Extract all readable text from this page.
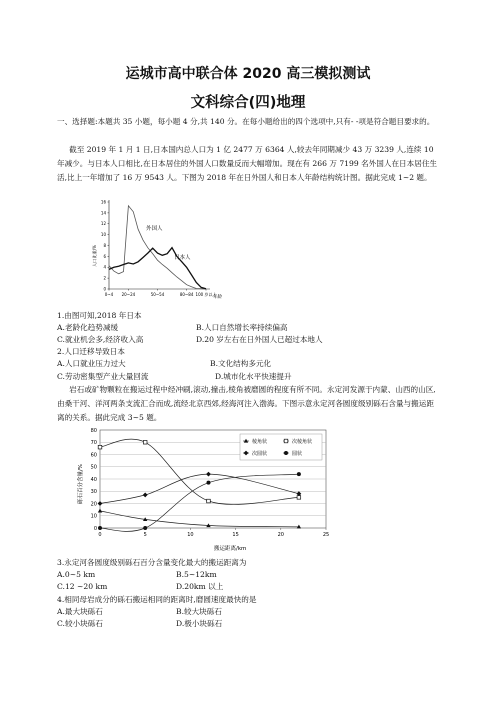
运城市高中联合体 2020 高三模拟测试
文科综合(四)地理

一、选择题:本题共 35 小题，每小题 4 分,共 140 分。在每小题给出的四个选项中,只有- -项是符合题目要求的。

截至 2019 年 1 月 1 日,日本国内总人口为 1 亿 2477 万 6364 人,较去年同期减少 43 万 3239 人,连续 10 年减少。与日本人口相比,在日本居住的外国人口数量反而大幅增加。现在有 266 万 7199 名外国人在日本居住生活,比上一年增加了 16 万 9543 人。下图为 2018 年在日外国人和日本人年龄结构统计图。据此完成 1~2 题。

0
2
4
6
8
10
12
14
16
0~4 20~24	50~54	80~84 100 岁以上
人口比重/%
年龄
外国人
日本人
1.由图可知,2018 年日本
A.老龄化趋势减缓	B.人口自然增长率持续偏高
C.就业机会多,经济收入高	D.20 岁左右在日外国人已超过本地人
2.人口迁移导致日本
A.人口就业压力过大	B.文化结构多元化
C.劳动密集型产业大量回流	D.城市化水平快速提升

岩石或矿物颗粒在搬运过程中经冲刷,滚动,撞击,棱角被磨圆的程度有所不同。永定河发源于内蒙、山西的山区,由桑干河、洋河两条支流汇合而成,流经北京西郊,经海河注入渤海。下图示意永定河各圆度级别砾石含量与搬运距离的关系。据此完成 3~5 题。

0
10
20
30
40
50
60
70
80
0	5	10	15	20	25
棱角状	次棱角状
次圆状	圆状
砾石百分含量/%
搬运距离/km
3.永定河各圆度级别砾石百分含量变化最大的搬运距离为
A.0~5 km	B.5~12km
C.12 ~20 km	D.20km 以上
4.相同母岩成分的砾石搬运相同的距离时,磨圆速度最快的是
A.最大块砾石	B.较大块砾石
C.较小块砾石	D.极小块砾石
